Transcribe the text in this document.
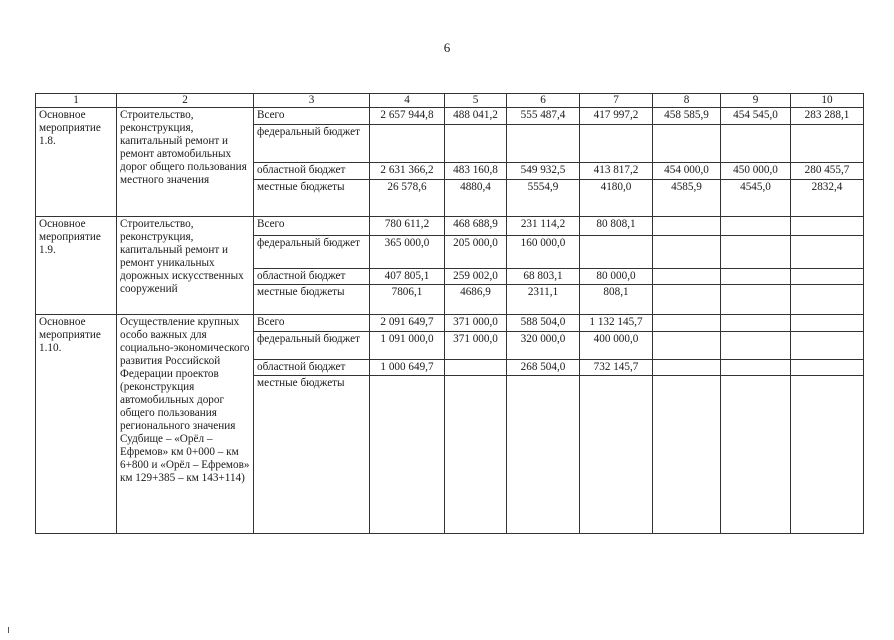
6
1	2	3	4	5	6	7	8	9	10
Основное мероприятие 1.8.	Строительство, реконструкция, капитальный ремонт и ремонт автомобильных дорог общего пользования местного значения	Всего	2 657 944,8	488 041,2	555 487,4	417 997,2	458 585,9	454 545,0	283 288,1
		федеральный бюджет							
		областной бюджет	2 631 366,2	483 160,8	549 932,5	413 817,2	454 000,0	450 000,0	280 455,7
		местные бюджеты	26 578,6	4880,4	5554,9	4180,0	4585,9	4545,0	2832,4
Основное мероприятие 1.9.	Строительство, реконструкция, капитальный ремонт и ремонт уникальных дорожных искусственных сооружений	Всего	780 611,2	468 688,9	231 114,2	80 808,1			
		федеральный бюджет	365 000,0	205 000,0	160 000,0				
		областной бюджет	407 805,1	259 002,0	68 803,1	80 000,0			
		местные бюджеты	7806,1	4686,9	2311,1	808,1			
Основное мероприятие 1.10.	Осуществление крупных особо важных для социально-экономического развития Российской Федерации проектов (реконструкция автомобильных дорог общего пользования регионального значения Судбище – «Орёл – Ефремов» км 0+000 – км 6+800 и «Орёл – Ефремов» км 129+385 – км 143+114)	Всего	2 091 649,7	371 000,0	588 504,0	1 132 145,7			
		федеральный бюджет	1 091 000,0	371 000,0	320 000,0	400 000,0			
		областной бюджет	1 000 649,7		268 504,0	732 145,7			
		местные бюджеты							
